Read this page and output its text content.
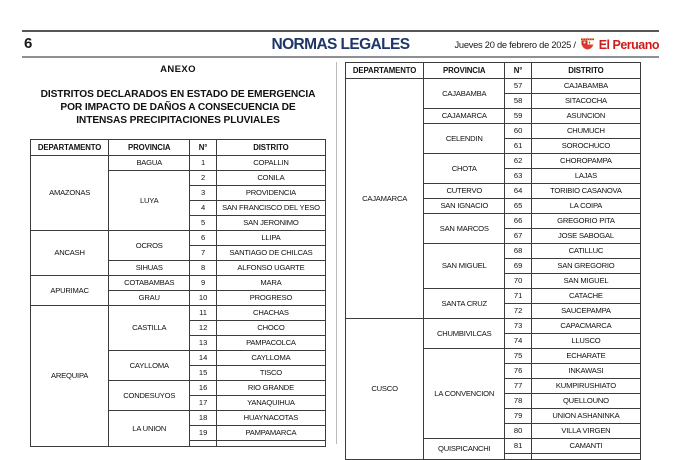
6	NORMAS LEGALES	Jueves 20 de febrero de 2025 / El Peruano
ANEXO
DISTRITOS DECLARADOS EN ESTADO DE EMERGENCIA
POR IMPACTO DE DAÑOS A CONSECUENCIA DE
INTENSAS PRECIPITACIONES PLUVIALES
DEPARTAMENTO	PROVINCIA	N°	DISTRITO
AMAZONAS	BAGUA	1	COPALLIN
	LUYA	2	CONILA
		3	PROVIDENCIA
		4	SAN FRANCISCO DEL YESO
		5	SAN JERONIMO
ANCASH	OCROS	6	LLIPA
		7	SANTIAGO DE CHILCAS
	SIHUAS	8	ALFONSO UGARTE
APURIMAC	COTABAMBAS	9	MARA
	GRAU	10	PROGRESO
AREQUIPA	CASTILLA	11	CHACHAS
		12	CHOCO
		13	PAMPACOLCA
	CAYLLOMA	14	CAYLLOMA
		15	TISCO
	CONDESUYOS	16	RIO GRANDE
		17	YANAQUIHUA
	LA UNION	18	HUAYNACOTAS
		19	PAMPAMARCA

DEPARTAMENTO	PROVINCIA	N°	DISTRITO
CAJAMARCA	CAJABAMBA	57	CAJABAMBA
		58	SITACOCHA
	CAJAMARCA	59	ASUNCION
	CELENDIN	60	CHUMUCH
		61	SOROCHUCO
	CHOTA	62	CHOROPAMPA
		63	LAJAS
	CUTERVO	64	TORIBIO CASANOVA
	SAN IGNACIO	65	LA COIPA
	SAN MARCOS	66	GREGORIO PITA
		67	JOSE SABOGAL
	SAN MIGUEL	68	CATILLUC
		69	SAN GREGORIO
		70	SAN MIGUEL
	SANTA CRUZ	71	CATACHE
		72	SAUCEPAMPA
CUSCO	CHUMBIVILCAS	73	CAPACMARCA
		74	LLUSCO
	LA CONVENCION	75	ECHARATE
		76	INKAWASI
		77	KUMPIRUSHIATO
		78	QUELLOUNO
		79	UNION ASHANINKA
		80	VILLA VIRGEN
	QUISPICANCHI	81	CAMANTI
